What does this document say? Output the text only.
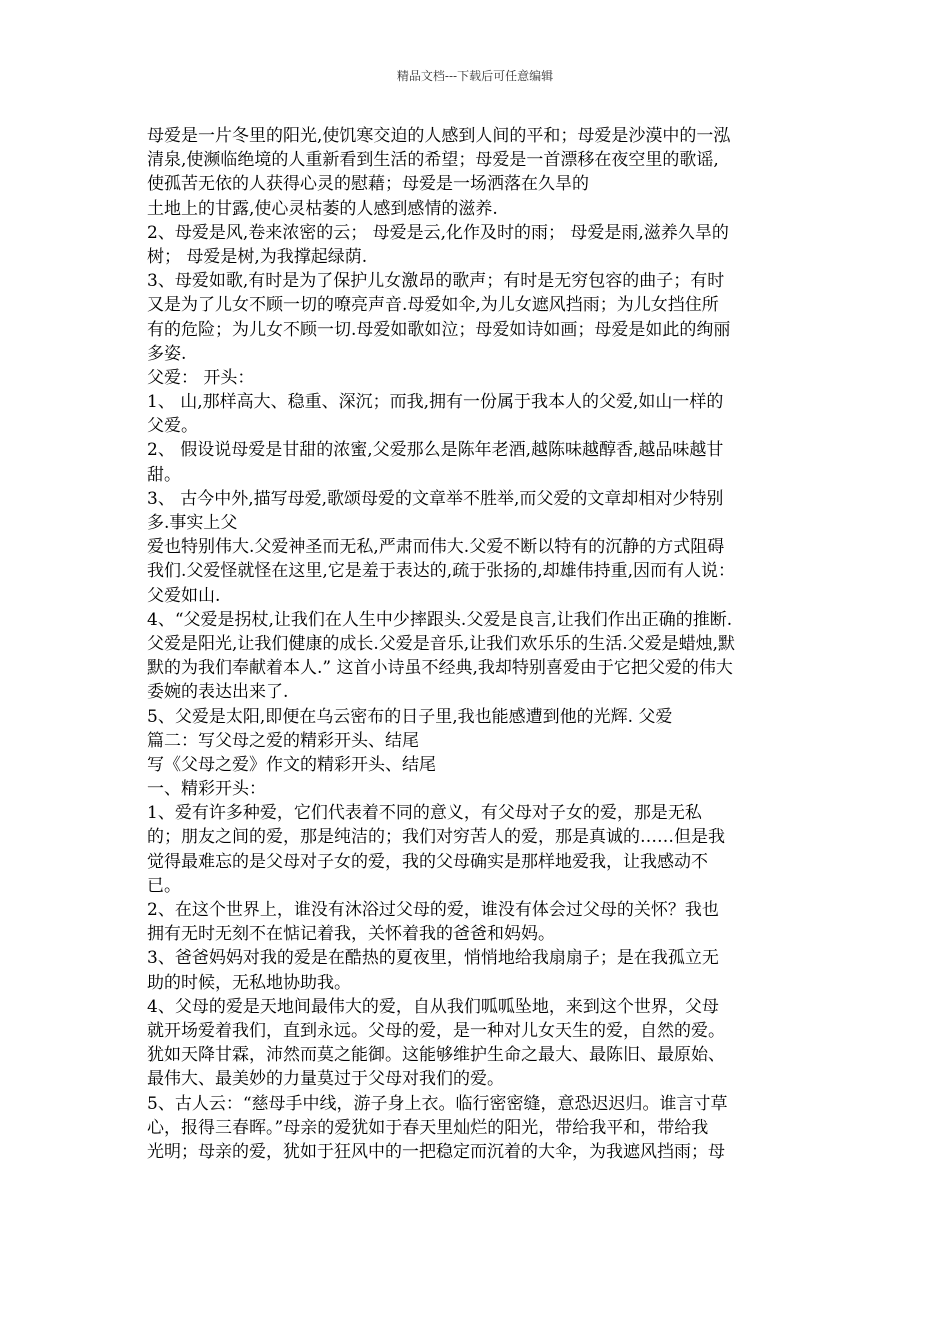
精品文档---下载后可任意编辑
母爱是一片冬里的阳光,使饥寒交迫的人感到人间的平和；母爱是沙漠中的一泓
清泉,使濒临绝境的人重新看到生活的希望；母爱是一首漂移在夜空里的歌谣,
使孤苦无依的人获得心灵的慰藉；母爱是一场洒落在久旱的
土地上的甘露,使心灵枯萎的人感到感情的滋养.
2、母爱是风,卷来浓密的云； 母爱是云,化作及时的雨； 母爱是雨,滋养久旱的
树； 母爱是树,为我撑起绿荫.
3、母爱如歌,有时是为了保护儿女激昂的歌声；有时是无穷包容的曲子；有时
又是为了儿女不顾一切的嘹亮声音.母爱如伞,为儿女遮风挡雨；为儿女挡住所
有的危险；为儿女不顾一切.母爱如歌如泣；母爱如诗如画；母爱是如此的绚丽
多姿.
父爱： 开头：
1、 山,那样高大、稳重、深沉；而我,拥有一份属于我本人的父爱,如山一样的
父爱。
2、 假设说母爱是甘甜的浓蜜,父爱那么是陈年老酒,越陈味越醇香,越品味越甘
甜。
3、 古今中外,描写母爱,歌颂母爱的文章举不胜举,而父爱的文章却相对少特别
多.事实上父
爱也特别伟大.父爱神圣而无私,严肃而伟大.父爱不断以特有的沉静的方式阻碍
我们.父爱怪就怪在这里,它是羞于表达的,疏于张扬的,却雄伟持重,因而有人说：
父爱如山.
4、“父爱是拐杖,让我们在人生中少摔跟头.父爱是良言,让我们作出正确的推断.
父爱是阳光,让我们健康的成长.父爱是音乐,让我们欢乐乐的生活.父爱是蜡烛,默
默的为我们奉献着本人.” 这首小诗虽不经典,我却特别喜爱由于它把父爱的伟大
委婉的表达出来了.
5、父爱是太阳,即便在乌云密布的日子里,我也能感遭到他的光辉. 父爱
篇二：写父母之爱的精彩开头、结尾
写《父母之爱》作文的精彩开头、结尾
一、精彩开头：
1、爱有许多种爱，它们代表着不同的意义，有父母对子女的爱，那是无私
的；朋友之间的爱，那是纯洁的；我们对穷苦人的爱，那是真诚的……但是我
觉得最难忘的是父母对子女的爱，我的父母确实是那样地爱我，让我感动不
已。
2、在这个世界上，谁没有沐浴过父母的爱，谁没有体会过父母的关怀？我也
拥有无时无刻不在惦记着我，关怀着我的爸爸和妈妈。
3、爸爸妈妈对我的爱是在酷热的夏夜里，悄悄地给我扇扇子；是在我孤立无
助的时候，无私地协助我。
4、父母的爱是天地间最伟大的爱，自从我们呱呱坠地，来到这个世界，父母
就开场爱着我们，直到永远。父母的爱，是一种对儿女天生的爱，自然的爱。
犹如天降甘霖，沛然而莫之能御。这能够维护生命之最大、最陈旧、最原始、
最伟大、最美妙的力量莫过于父母对我们的爱。
5、古人云：“慈母手中线，游子身上衣。临行密密缝，意恐迟迟归。谁言寸草
心，报得三春晖。”母亲的爱犹如于春天里灿烂的阳光，带给我平和，带给我
光明；母亲的爱，犹如于狂风中的一把稳定而沉着的大伞，为我遮风挡雨；母
